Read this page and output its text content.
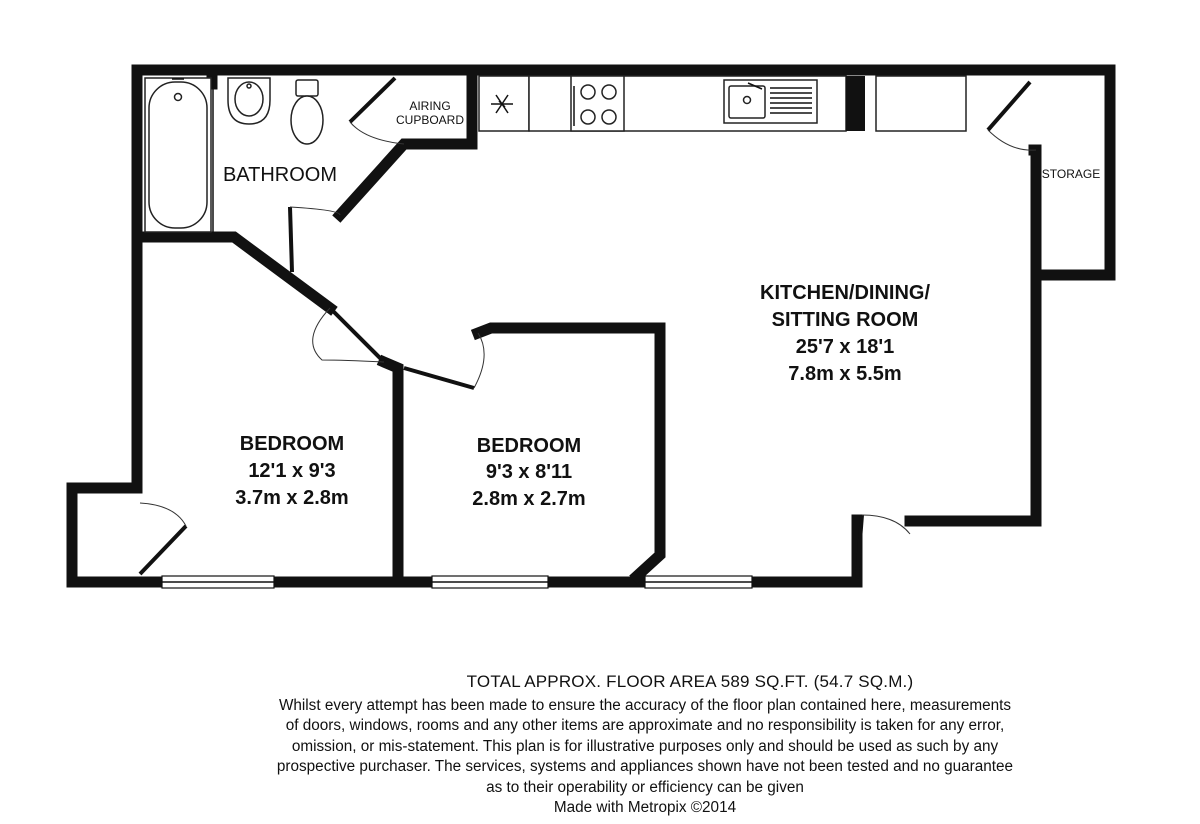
BATHROOM
AIRING
CUPBOARD
STORAGE
KITCHEN/DINING/
SITTING ROOM
25'7 x 18'1
7.8m x 5.5m
BEDROOM
12'1 x 9'3
3.7m x 2.8m
BEDROOM
9'3 x 8'11
2.8m x 2.7m
TOTAL APPROX. FLOOR AREA 589 SQ.FT. (54.7 SQ.M.)
Whilst every attempt has been made to ensure the accuracy of the floor plan contained here, measurements
of doors, windows, rooms and any other items are approximate and no responsibility is taken for any error,
omission, or mis-statement. This plan is for illustrative purposes only and should be used as such by any
prospective purchaser. The services, systems and appliances shown have not been tested and no guarantee
as to their operability or efficiency can be given
Made with Metropix ©2014
